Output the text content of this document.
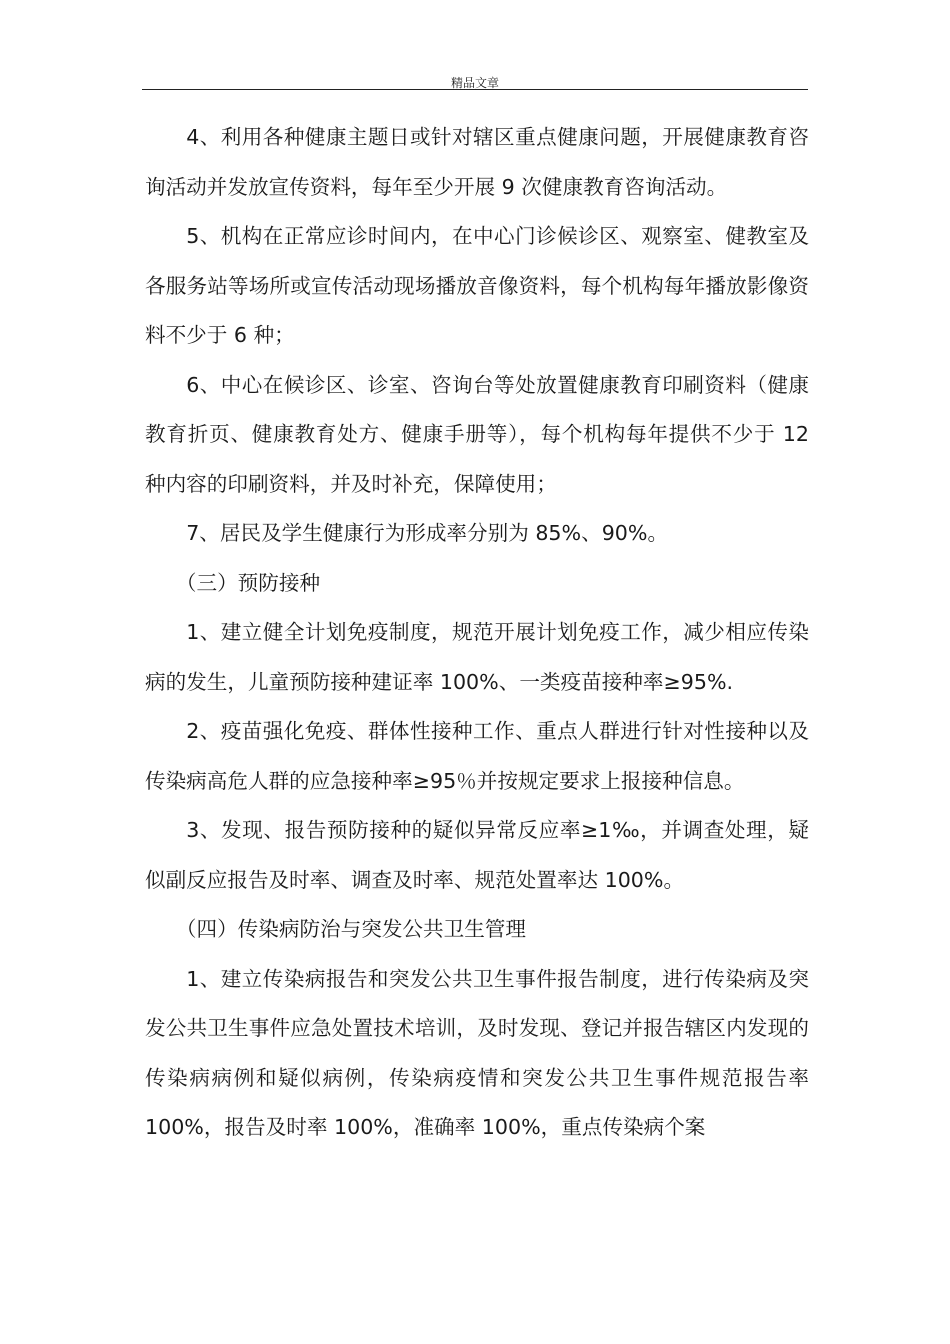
精品文章

4、利用各种健康主题日或针对辖区重点健康问题，开展健康教育咨询活动并发放宣传资料，每年至少开展 9 次健康教育咨询活动。

5、机构在正常应诊时间内，在中心门诊候诊区、观察室、健教室及各服务站等场所或宣传活动现场播放音像资料，每个机构每年播放影像资料不少于 6 种；

6、中心在候诊区、诊室、咨询台等处放置健康教育印刷资料（健康教育折页、健康教育处方、健康手册等），每个机构每年提供不少于 12 种内容的印刷资料，并及时补充，保障使用；

7、居民及学生健康行为形成率分别为 85%、90%。

（三）预防接种

1、建立健全计划免疫制度，规范开展计划免疫工作，减少相应传染病的发生，儿童预防接种建证率 100%、一类疫苗接种率≥95%.

2、疫苗强化免疫、群体性接种工作、重点人群进行针对性接种以及传染病高危人群的应急接种率≥95％并按规定要求上报接种信息。

3、发现、报告预防接种的疑似异常反应率≥1‰，并调查处理，疑似副反应报告及时率、调查及时率、规范处置率达 100%。

（四）传染病防治与突发公共卫生管理

1、建立传染病报告和突发公共卫生事件报告制度，进行传染病及突发公共卫生事件应急处置技术培训，及时发现、登记并报告辖区内发现的传染病病例和疑似病例，传染病疫情和突发公共卫生事件规范报告率 100%，报告及时率 100%，准确率 100%，重点传染病个案
